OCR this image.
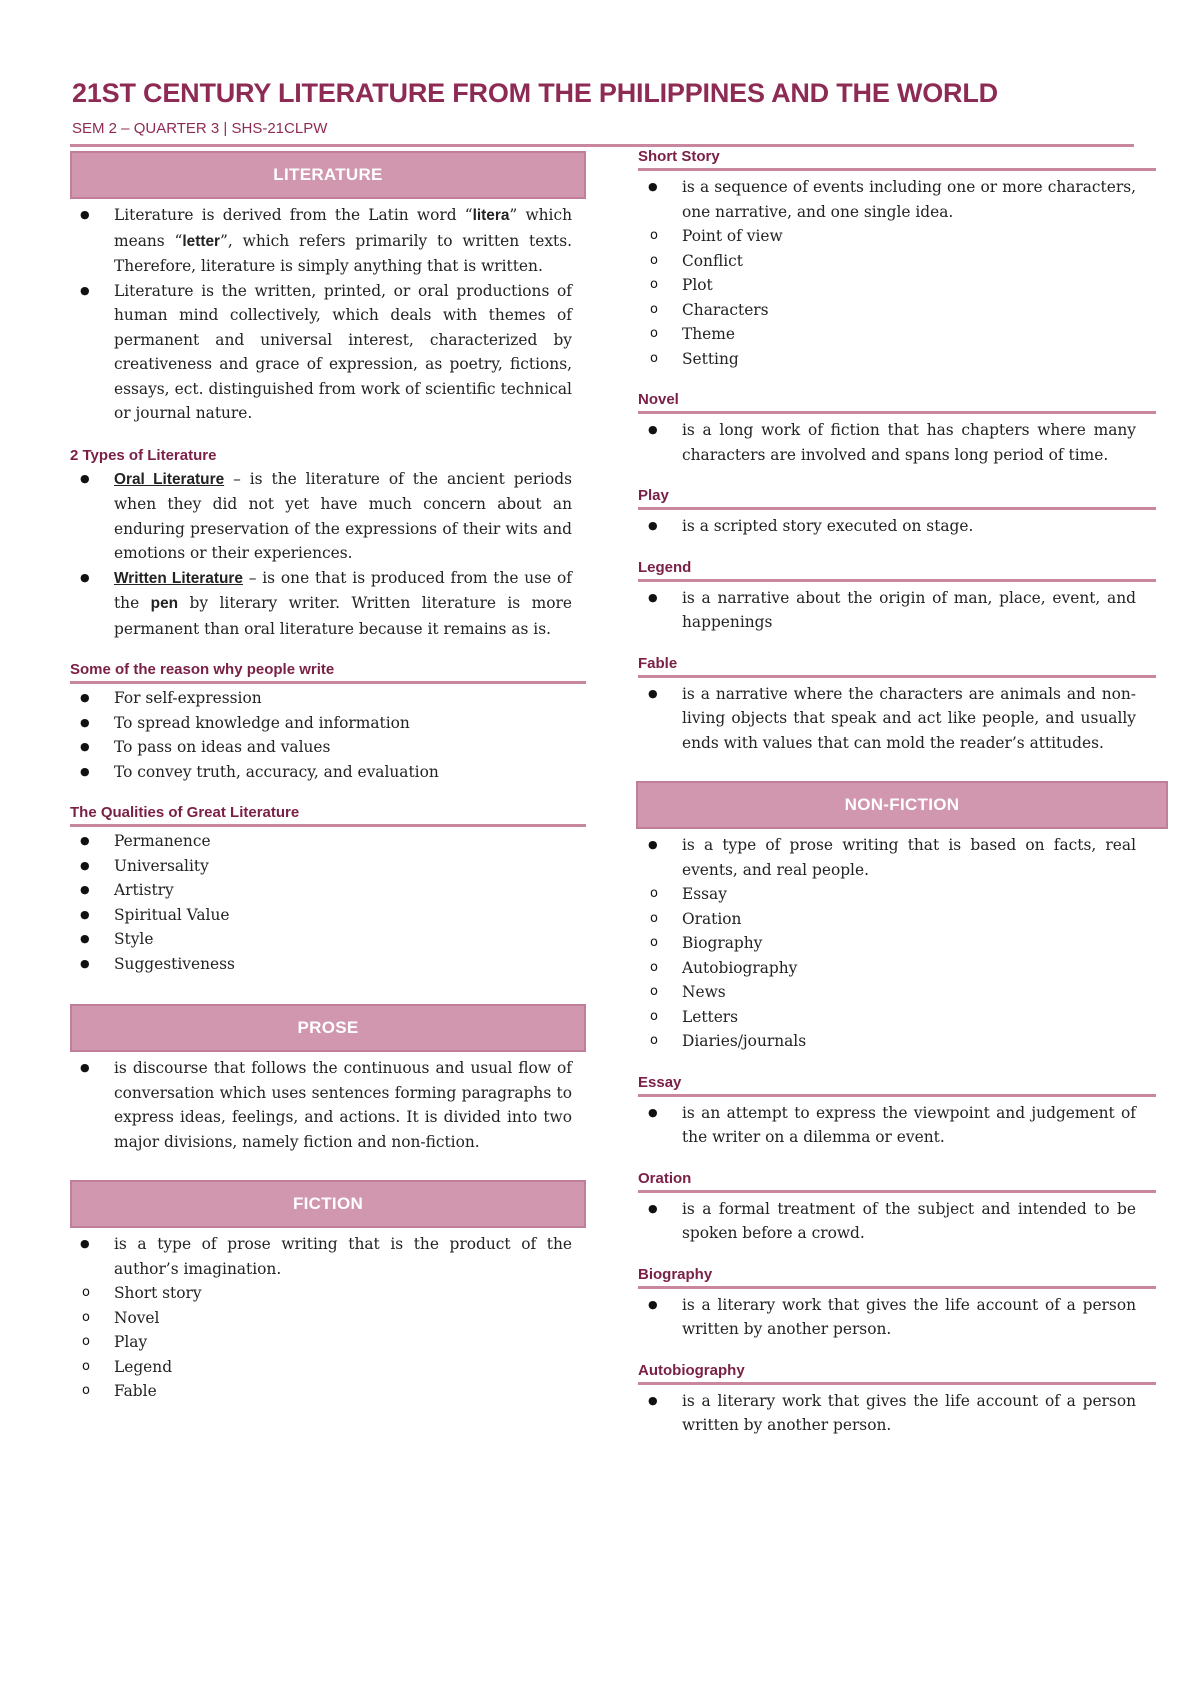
21ST CENTURY LITERATURE FROM THE PHILIPPINES AND THE WORLD
SEM 2 – QUARTER 3 | SHS-21CLPW
LITERATURE
● Literature is derived from the Latin word “litera” which means “letter”, which refers primarily to written texts. Therefore, literature is simply anything that is written.
● Literature is the written, printed, or oral productions of human mind collectively, which deals with themes of permanent and universal interest, characterized by creativeness and grace of expression, as poetry, fictions, essays, ect. distinguished from work of scientific technical or journal nature.
2 Types of Literature
● Oral Literature – is the literature of the ancient periods when they did not yet have much concern about an enduring preservation of the expressions of their wits and emotions or their experiences.
● Written Literature – is one that is produced from the use of the pen by literary writer. Written literature is more permanent than oral literature because it remains as is.
Some of the reason why people write
● For self-expression
● To spread knowledge and information
● To pass on ideas and values
● To convey truth, accuracy, and evaluation
The Qualities of Great Literature
● Permanence
● Universality
● Artistry
● Spiritual Value
● Style
● Suggestiveness
PROSE
● is discourse that follows the continuous and usual flow of conversation which uses sentences forming paragraphs to express ideas, feelings, and actions. It is divided into two major divisions, namely fiction and non-fiction.
FICTION
● is a type of prose writing that is the product of the author’s imagination.
o Short story
o Novel
o Play
o Legend
o Fable
Short Story
● is a sequence of events including one or more characters, one narrative, and one single idea.
o Point of view
o Conflict
o Plot
o Characters
o Theme
o Setting
Novel
● is a long work of fiction that has chapters where many characters are involved and spans long period of time.
Play
● is a scripted story executed on stage.
Legend
● is a narrative about the origin of man, place, event, and happenings
Fable
● is a narrative where the characters are animals and non-living objects that speak and act like people, and usually ends with values that can mold the reader’s attitudes.
NON-FICTION
● is a type of prose writing that is based on facts, real events, and real people.
o Essay
o Oration
o Biography
o Autobiography
o News
o Letters
o Diaries/journals
Essay
● is an attempt to express the viewpoint and judgement of the writer on a dilemma or event.
Oration
● is a formal treatment of the subject and intended to be spoken before a crowd.
Biography
● is a literary work that gives the life account of a person written by another person.
Autobiography
● is a literary work that gives the life account of a person written by another person.
